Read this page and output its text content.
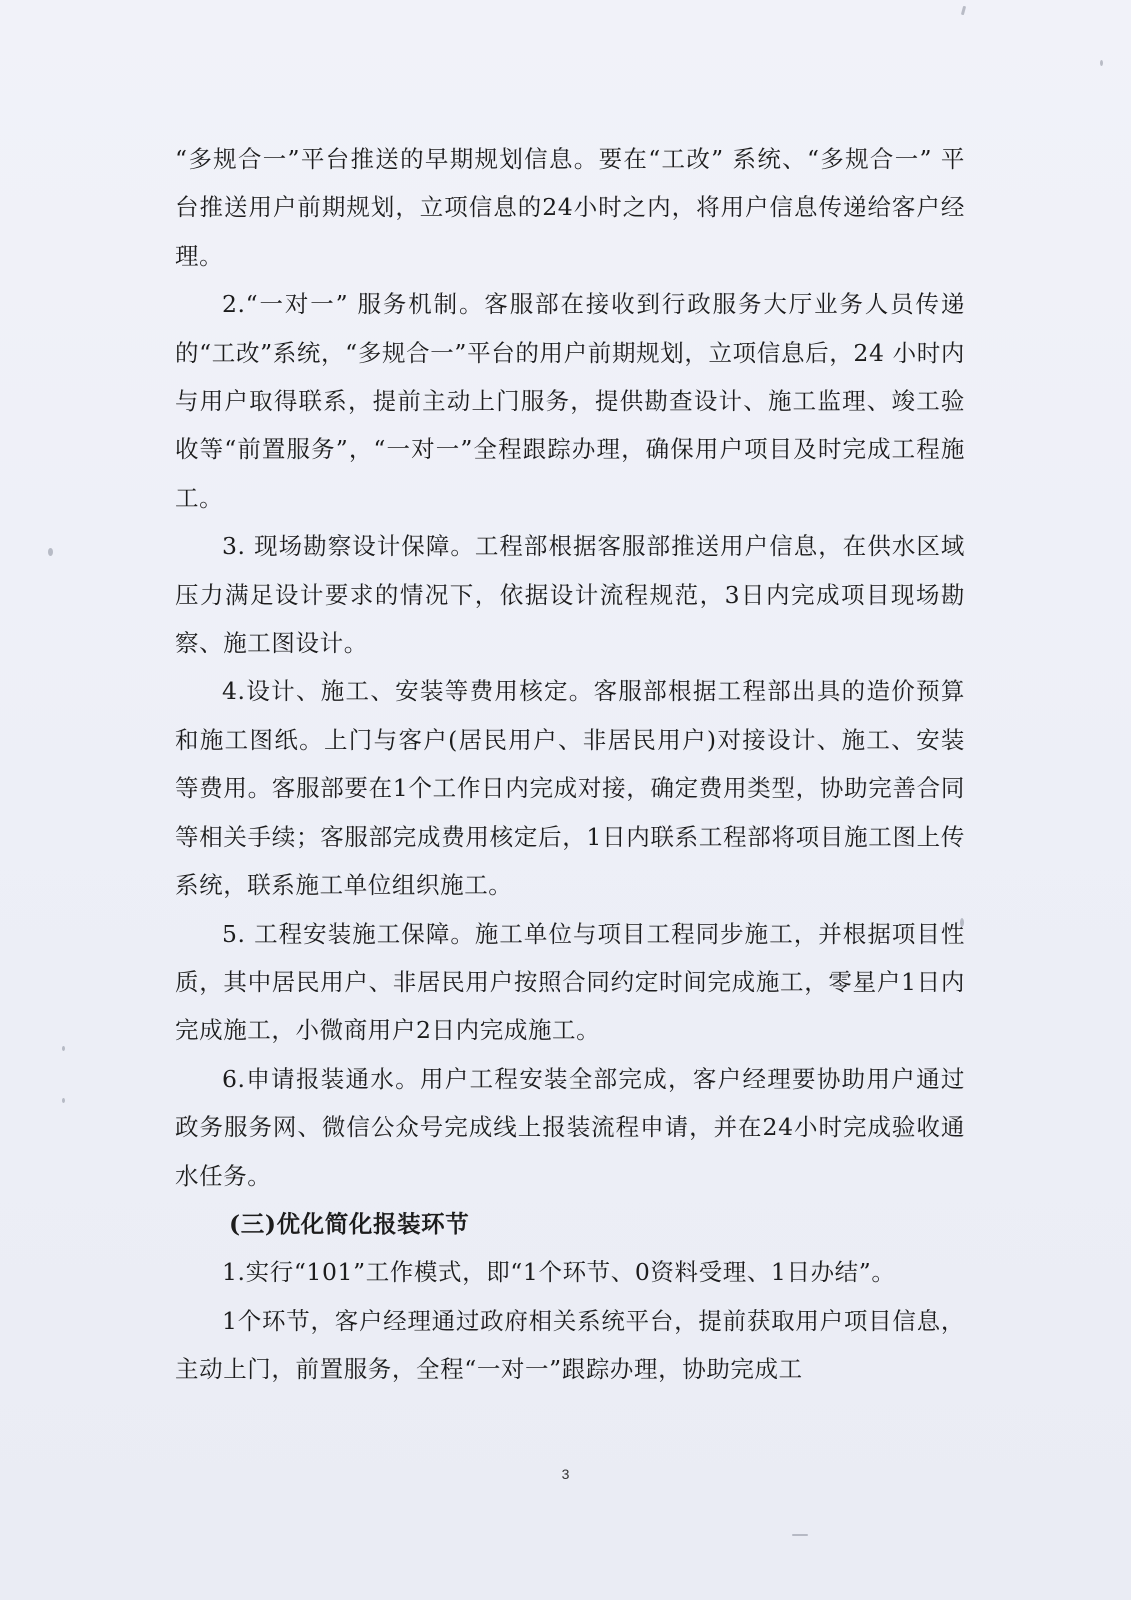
“多规合一”平台推送的早期规划信息。要在“工改” 系统、“多规合一” 平台推送用户前期规划，立项信息的24小时之内，将用户信息传递给客户经理。

2.“一对一” 服务机制。客服部在接收到行政服务大厅业务人员传递的“工改”系统，“多规合一”平台的用户前期规划，立项信息后，24 小时内与用户取得联系，提前主动上门服务，提供勘查设计、施工监理、竣工验收等“前置服务”，“一对一”全程跟踪办理，确保用户项目及时完成工程施工。

3. 现场勘察设计保障。工程部根据客服部推送用户信息，在供水区域压力满足设计要求的情况下，依据设计流程规范，3日内完成项目现场勘察、施工图设计。

4.设计、施工、安装等费用核定。客服部根据工程部出具的造价预算和施工图纸。上门与客户(居民用户、非居民用户)对接设计、施工、安装等费用。客服部要在1个工作日内完成对接，确定费用类型，协助完善合同等相关手续；客服部完成费用核定后，1日内联系工程部将项目施工图上传系统，联系施工单位组织施工。

5. 工程安装施工保障。施工单位与项目工程同步施工，并根据项目性质，其中居民用户、非居民用户按照合同约定时间完成施工，零星户1日内完成施工，小微商用户2日内完成施工。

6.申请报装通水。用户工程安装全部完成，客户经理要协助用户通过政务服务网、微信公众号完成线上报装流程申请，并在24小时完成验收通水任务。

(三)优化简化报装环节

1.实行“101”工作模式，即“1个环节、0资料受理、1日办结”。

1个环节，客户经理通过政府相关系统平台，提前获取用户项目信息，主动上门，前置服务，全程“一对一”跟踪办理，协助完成工

3
